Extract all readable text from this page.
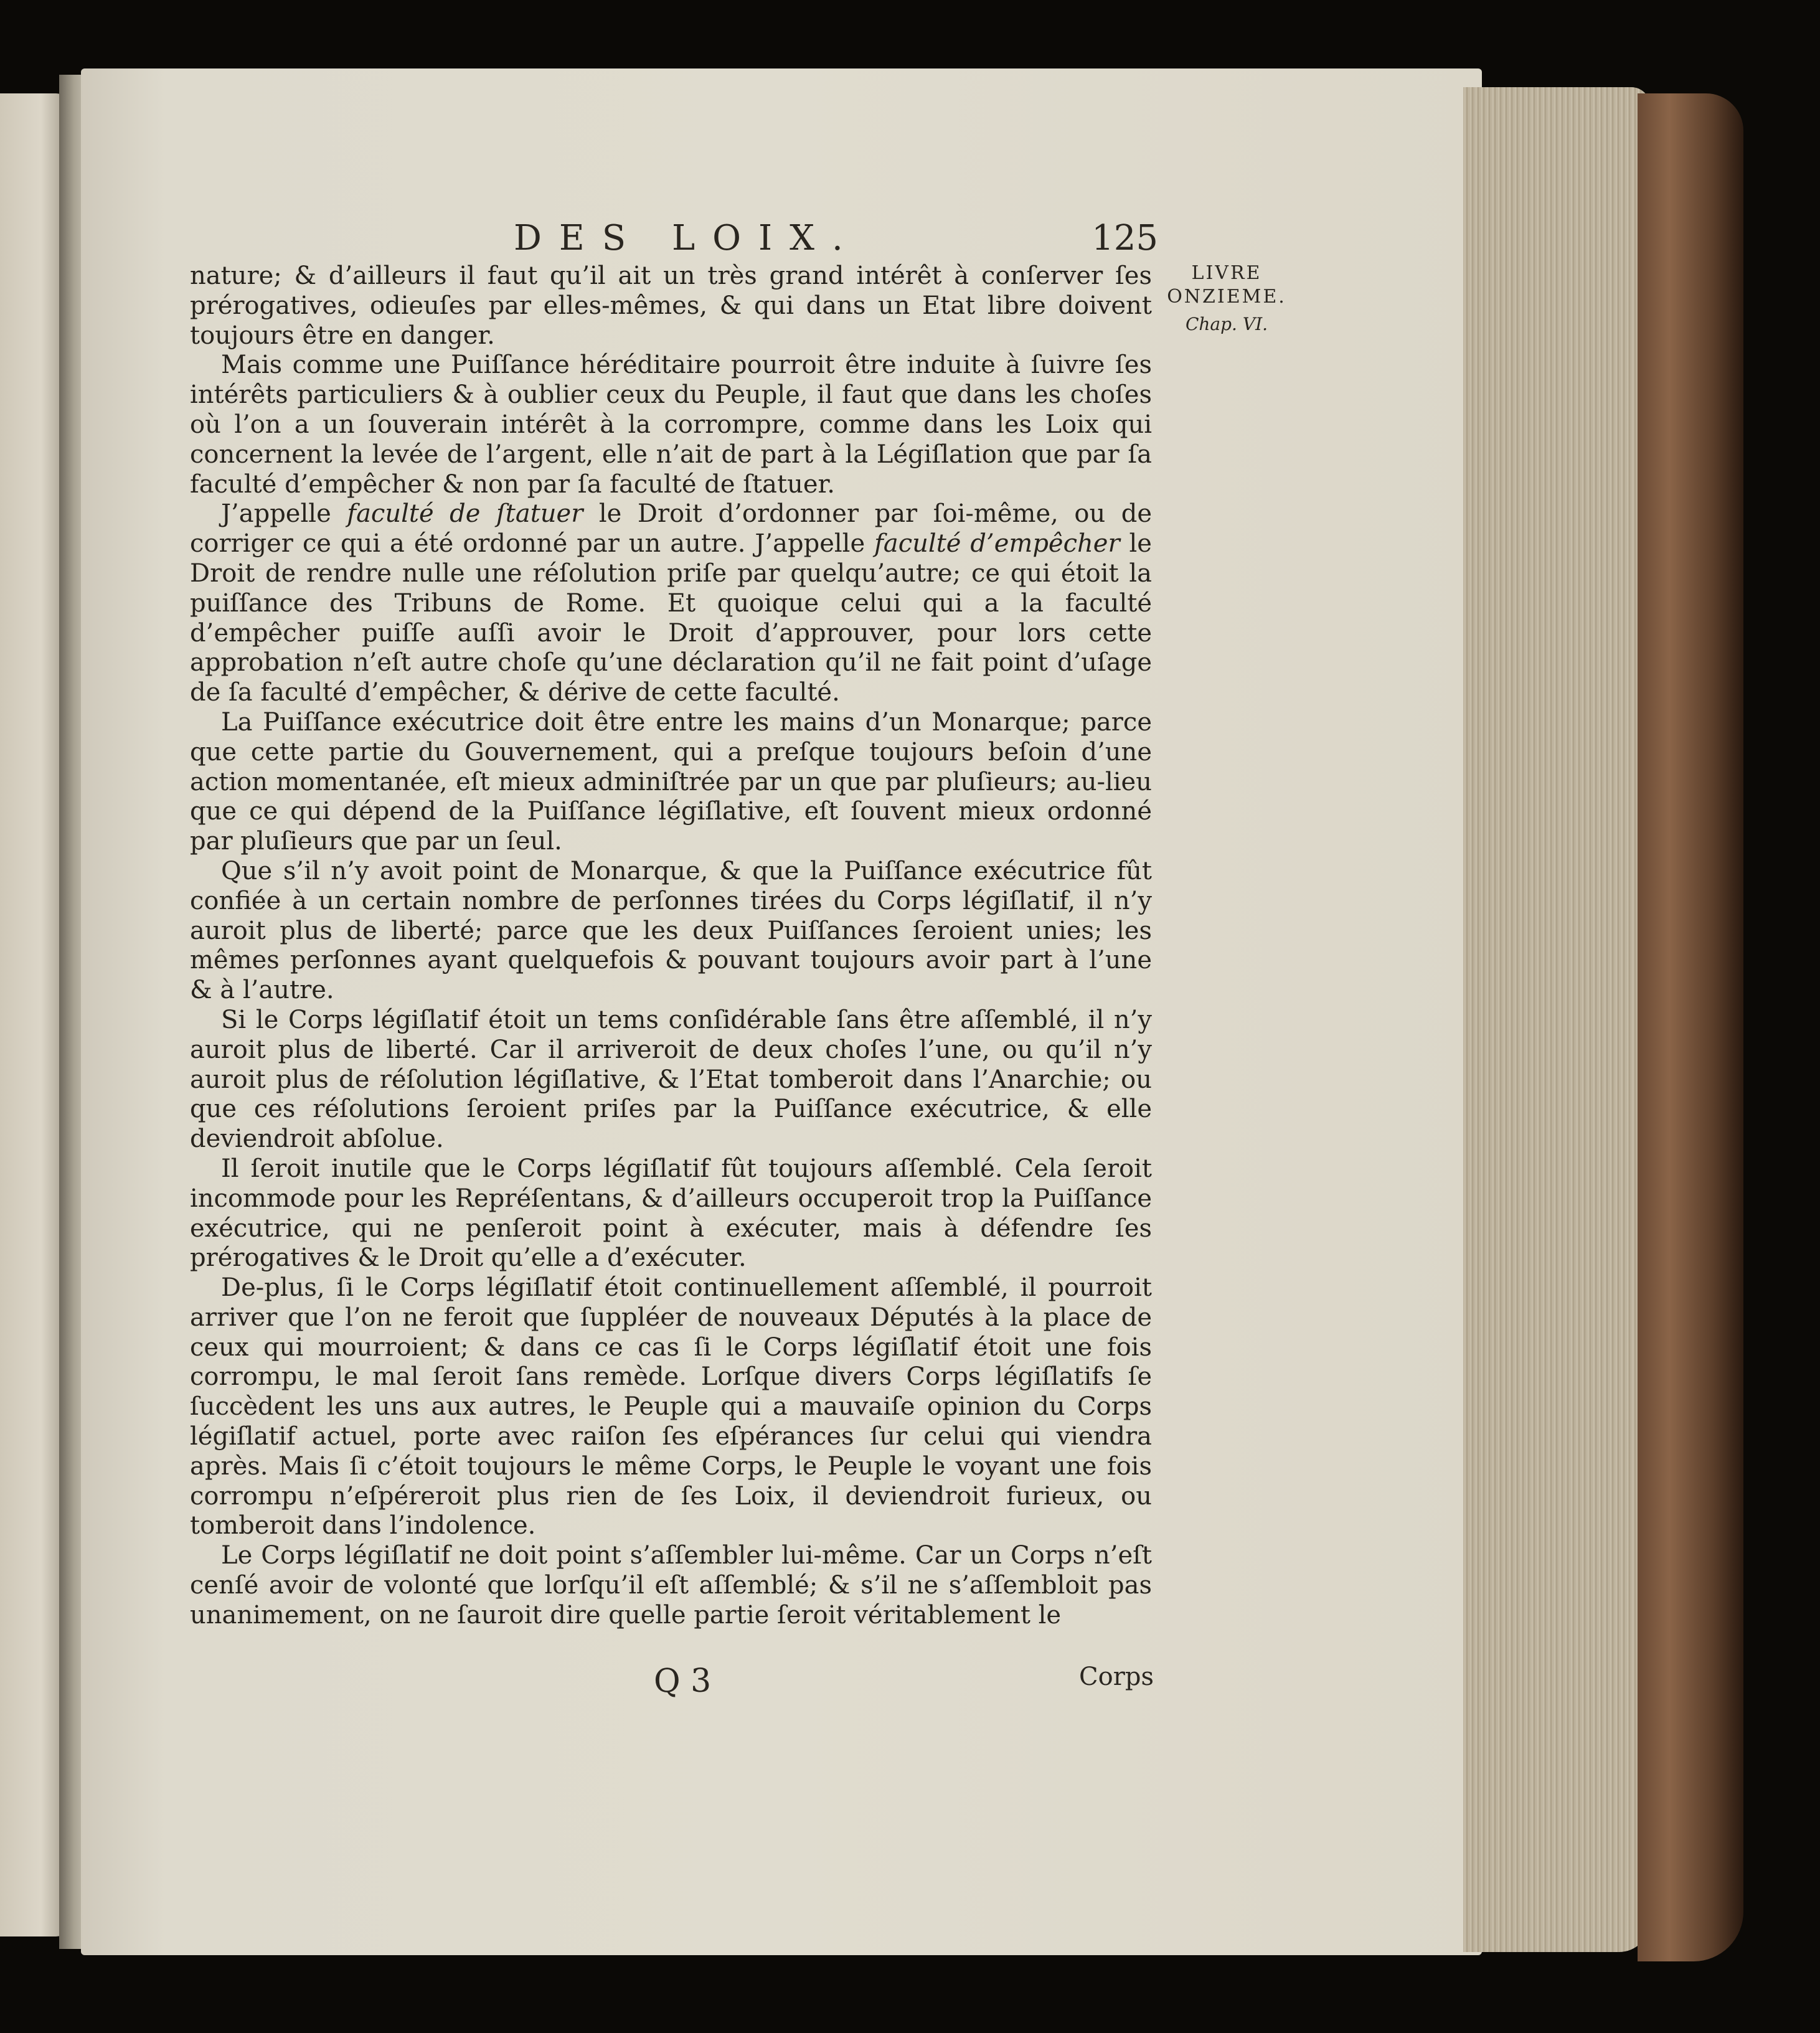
DES LOIX.	125
LIVRE
ONZIEME.
Chap. VI.

nature; & d’ailleurs il faut qu’il ait un très grand intérêt à conſerver ſes prérogatives, odieuſes par elles-mêmes, & qui dans un Etat libre doivent toujours être en danger.

Mais comme une Puiſſance héréditaire pourroit être induite à ſuivre ſes intérêts particuliers & à oublier ceux du Peuple, il faut que dans les choſes où l’on a un ſouverain intérêt à la corrompre, comme dans les Loix qui concernent la levée de l’argent, elle n’ait de part à la Légiſlation que par ſa faculté d’empêcher & non par ſa faculté de ſtatuer.

J’appelle faculté de ſtatuer le Droit d’ordonner par ſoi-même, ou de corriger ce qui a été ordonné par un autre. J’appelle faculté d’empêcher le Droit de rendre nulle une réſolution priſe par quelqu’autre; ce qui étoit la puiſſance des Tribuns de Rome. Et quoique celui qui a la faculté d’empêcher puiſſe auſſi avoir le Droit d’approuver, pour lors cette approbation n’eſt autre choſe qu’une déclaration qu’il ne fait point d’uſage de ſa faculté d’empêcher, & dérive de cette faculté.

La Puiſſance exécutrice doit être entre les mains d’un Monarque; parce que cette partie du Gouvernement, qui a preſque toujours beſoin d’une action momentanée, eſt mieux adminiſtrée par un que par pluſieurs; au-lieu que ce qui dépend de la Puiſſance légiſlative, eſt ſouvent mieux ordonné par pluſieurs que par un ſeul.

Que s’il n’y avoit point de Monarque, & que la Puiſſance exécutrice fût confiée à un certain nombre de perſonnes tirées du Corps légiſlatif, il n’y auroit plus de liberté; parce que les deux Puiſſances ſeroient unies; les mêmes perſonnes ayant quelquefois & pouvant toujours avoir part à l’une & à l’autre.

Si le Corps légiſlatif étoit un tems conſidérable ſans être aſſemblé, il n’y auroit plus de liberté. Car il arriveroit de deux choſes l’une, ou qu’il n’y auroit plus de réſolution légiſlative, & l’Etat tomberoit dans l’Anarchie; ou que ces réſolutions ſeroient priſes par la Puiſſance exécutrice, & elle deviendroit abſolue.

Il ſeroit inutile que le Corps légiſlatif fût toujours aſſemblé. Cela ſeroit incommode pour les Repréſentans, & d’ailleurs occuperoit trop la Puiſſance exécutrice, qui ne penſeroit point à exécuter, mais à défendre ſes prérogatives & le Droit qu’elle a d’exécuter.

De-plus, ſi le Corps légiſlatif étoit continuellement aſſemblé, il pourroit arriver que l’on ne feroit que ſuppléer de nouveaux Députés à la place de ceux qui mourroient; & dans ce cas ſi le Corps légiſlatif étoit une fois corrompu, le mal ſeroit ſans remède. Lorſque divers Corps légiſlatifs ſe ſuccèdent les uns aux autres, le Peuple qui a mauvaiſe opinion du Corps légiſlatif actuel, porte avec raiſon ſes eſpérances ſur celui qui viendra après. Mais ſi c’étoit toujours le même Corps, le Peuple le voyant une fois corrompu n’eſpéreroit plus rien de ſes Loix, il deviendroit furieux, ou tomberoit dans l’indolence.

Le Corps légiſlatif ne doit point s’aſſembler lui-même. Car un Corps n’eſt cenſé avoir de volonté que lorſqu’il eſt aſſemblé; & s’il ne s’aſſembloit pas unanimement, on ne ſauroit dire quelle partie ſeroit véritablement le

Q 3	Corps
